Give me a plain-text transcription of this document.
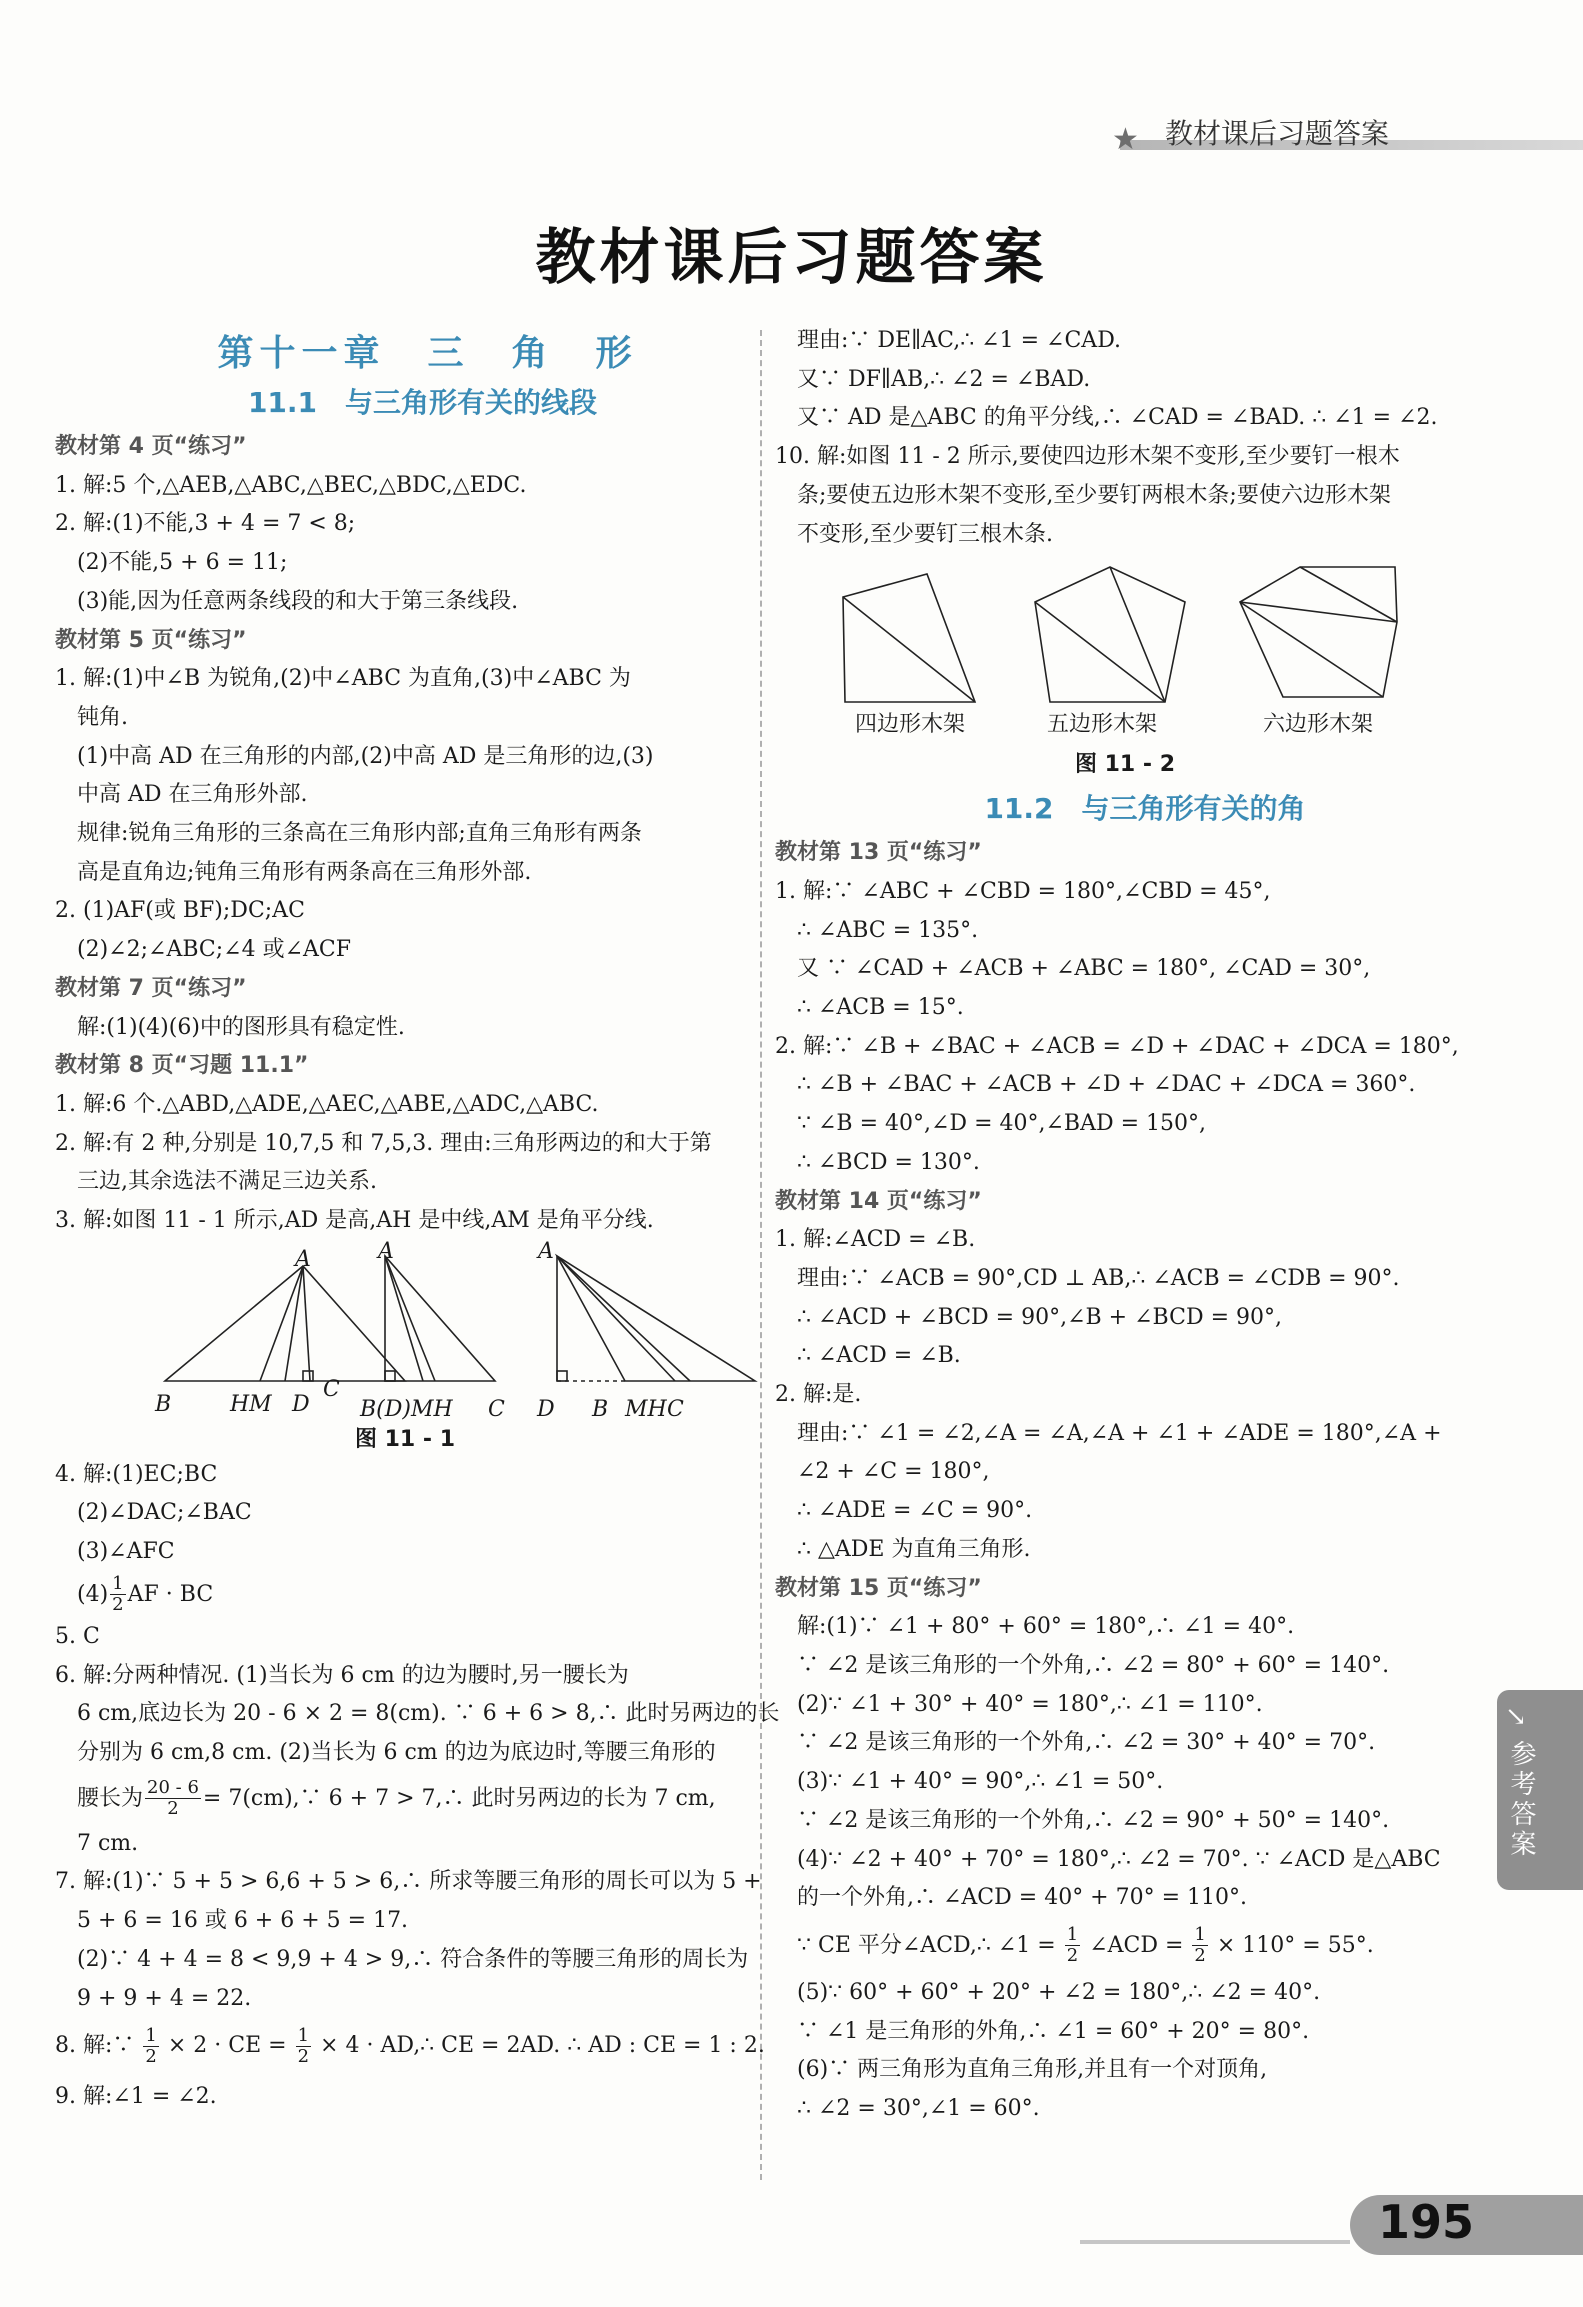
★ 教材课后习题答案
教材课后习题答案
第十一章　三　角　形
11.1　与三角形有关的线段
教材第 4 页“练习”
1. 解:5 个,△AEB,△ABC,△BEC,△BDC,△EDC.
2. 解:(1)不能,3 + 4 = 7 < 8;
(2)不能,5 + 6 = 11;
(3)能,因为任意两条线段的和大于第三条线段.
教材第 5 页“练习”
1. 解:(1)中∠B 为锐角,(2)中∠ABC 为直角,(3)中∠ABC 为
钝角.
(1)中高 AD 在三角形的内部,(2)中高 AD 是三角形的边,(3)
中高 AD 在三角形外部.
规律:锐角三角形的三条高在三角形内部;直角三角形有两条
高是直角边;钝角三角形有两条高在三角形外部.
2. (1)AF(或 BF);DC;AC
(2)∠2;∠ABC;∠4 或∠ACF
教材第 7 页“练习”
解:(1)(4)(6)中的图形具有稳定性.
教材第 8 页“习题 11.1”
1. 解:6 个.△ABD,△ADE,△AEC,△ABE,△ADC,△ABC.
2. 解:有 2 种,分别是 10,7,5 和 7,5,3. 理由:三角形两边的和大于第
三边,其余选法不满足三边关系.
3. 解:如图 11 - 1 所示,AD 是高,AH 是中线,AM 是角平分线.
A
B	HM D
C
A
B(D)MH C
A
D B MH C
图 11 - 1
4. 解:(1)EC;BC
(2)∠DAC;∠BAC
(3)∠AFC
$(4) \frac{1}{2}$ AF · BC
5. C
6. 解:分两种情况. (1)当长为 6 cm 的边为腰时,另一腰长为
6 cm,底边长为 20 - 6 × 2 = 8(cm). ∵ 6 + 6 > 8,∴ 此时另两边的长
分别为 6 cm,8 cm. (2)当长为 6 cm 的边为底边时,等腰三角形的
腰长为 $\frac{20 - 6}{2}$ = 7(cm),∵ 6 + 7 > 7,∴ 此时另两边的长为 7 cm,
7 cm.
7. 解:(1)∵ 5 + 5 > 6,6 + 5 > 6,∴ 所求等腰三角形的周长可以为 5 +
5 + 6 = 16 或 6 + 6 + 5 = 17.
(2)∵ 4 + 4 = 8 < 9,9 + 4 > 9,∴ 符合条件的等腰三角形的周长为
9 + 9 + 4 = 22.
8. 解:∵ $\frac{1}{2} \times 2$ · CE = $\frac{1}{2} \times 4$ · AD,∴ CE = 2AD. ∴ AD : CE = 1 : 2.
9. 解:∠1 = ∠2.
理由:∵ DE∥AC,∴ ∠1 = ∠CAD.
又∵ DF∥AB,∴ ∠2 = ∠BAD.
又∵ AD 是△ABC 的角平分线,∴ ∠CAD = ∠BAD. ∴ ∠1 = ∠2.
10. 解:如图 11 - 2 所示,要使四边形木架不变形,至少要钉一根木
条;要使五边形木架不变形,至少要钉两根木条;要使六边形木架
不变形,至少要钉三根木条.
四边形木架	五边形木架	六边形木架
图 11 - 2
11.2　与三角形有关的角
教材第 13 页“练习”
1. 解:∵ ∠ABC + ∠CBD = 180°,∠CBD = 45°,
∴ ∠ABC = 135°.
又 ∵ ∠CAD + ∠ACB + ∠ABC = 180°, ∠CAD = 30°,
∴ ∠ACB = 15°.
2. 解:∵ ∠B + ∠BAC + ∠ACB = ∠D + ∠DAC + ∠DCA = 180°,
∴ ∠B + ∠BAC + ∠ACB + ∠D + ∠DAC + ∠DCA = 360°.
∵ ∠B = 40°,∠D = 40°,∠BAD = 150°,
∴ ∠BCD = 130°.
教材第 14 页“练习”
1. 解:∠ACD = ∠B.
理由:∵ ∠ACB = 90°,CD ⊥ AB,∴ ∠ACB = ∠CDB = 90°.
∴ ∠ACD + ∠BCD = 90°,∠B + ∠BCD = 90°,
∴ ∠ACD = ∠B.
2. 解:是.
理由:∵ ∠1 = ∠2,∠A = ∠A,∠A + ∠1 + ∠ADE = 180°,∠A +
∠2 + ∠C = 180°,
∴ ∠ADE = ∠C = 90°.
∴ △ADE 为直角三角形.
教材第 15 页“练习”
解:(1)∵ ∠1 + 80° + 60° = 180°,∴ ∠1 = 40°.
∵ ∠2 是该三角形的一个外角,∴ ∠2 = 80° + 60° = 140°.
(2)∵ ∠1 + 30° + 40° = 180°,∴ ∠1 = 110°.
∵ ∠2 是该三角形的一个外角,∴ ∠2 = 30° + 40° = 70°.
(3)∵ ∠1 + 40° = 90°,∴ ∠1 = 50°.
∵ ∠2 是该三角形的一个外角,∴ ∠2 = 90° + 50° = 140°.
(4)∵ ∠2 + 40° + 70° = 180°,∴ ∠2 = 70°. ∵ ∠ACD 是△ABC
的一个外角,∴ ∠ACD = 40° + 70° = 110°.
∵ CE 平分∠ACD,∴ ∠1 = $\frac{1}{2}$ ∠ACD = $\frac{1}{2} \times 110^\circ = 55^\circ$.
(5)∵ 60° + 60° + 20° + ∠2 = 180°,∴ ∠2 = 40°.
∵ ∠1 是三角形的外角,∴ ∠1 = 60° + 20° = 80°.
(6)∵ 两三角形为直角三角形,并且有一个对顶角,
∴ ∠2 = 30°,∠1 = 60°.
↘
参考答案
195
